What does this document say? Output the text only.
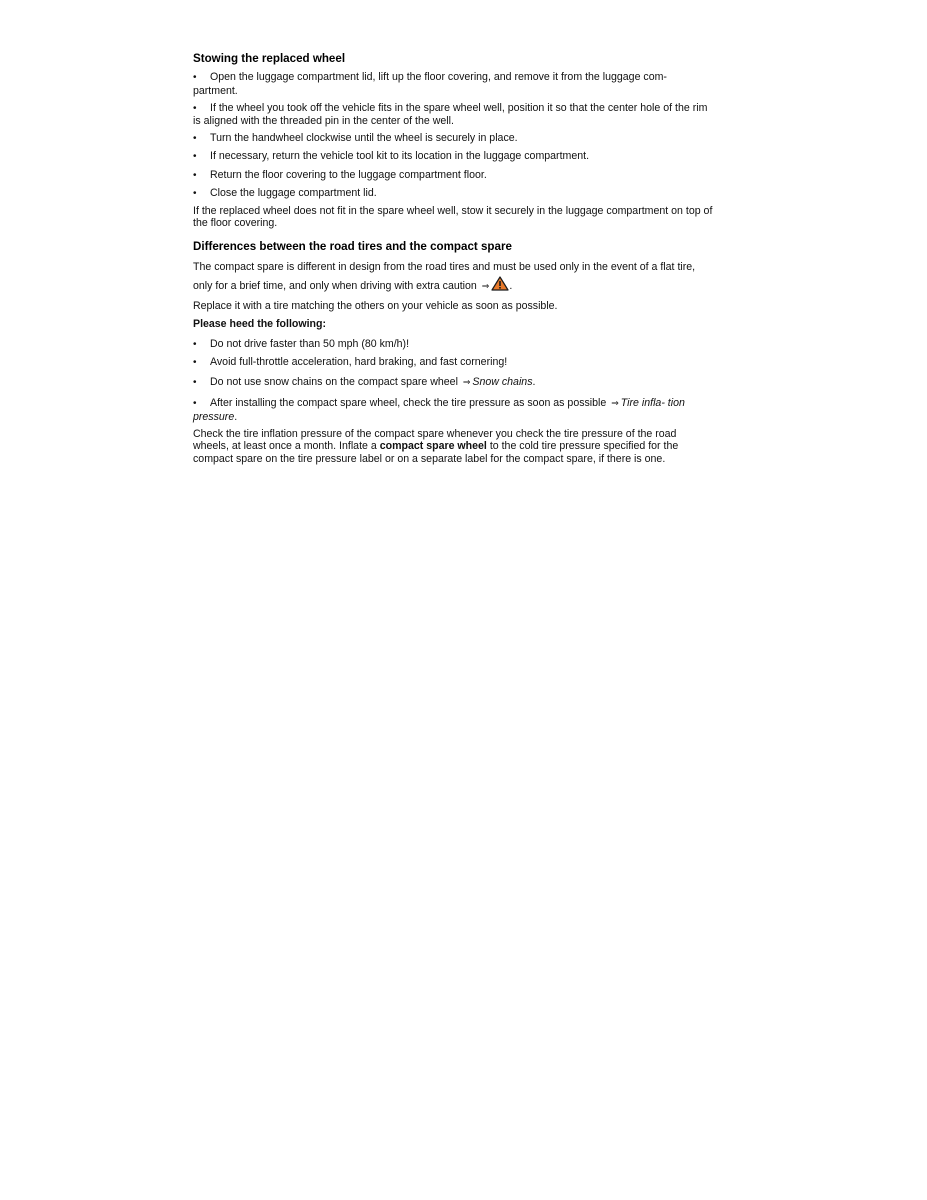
Stowing the replaced wheel
•Open the luggage compartment lid, lift up the floor covering, and remove it from the luggage com- partment.
•If the wheel you took off the vehicle fits in the spare wheel well, position it so that the center hole of the rim is aligned with the threaded pin in the center of the well.
•Turn the handwheel clockwise until the wheel is securely in place.
•If necessary, return the vehicle tool kit to its location in the luggage compartment.
•Return the floor covering to the luggage compartment floor.
•Close the luggage compartment lid.

If the replaced wheel does not fit in the spare wheel well, stow it securely in the luggage compartment on top of the floor covering.

Differences between the road tires and the compact spare

The compact spare is different in design from the road tires and must be used only in the event of a flat tire, only for a brief time, and only when driving with extra caution ⇒ .

Replace it with a tire matching the others on your vehicle as soon as possible.

Please heed the following:

•Do not drive faster than 50 mph (80 km/h)!
•Avoid full-throttle acceleration, hard braking, and fast cornering!
•Do not use snow chains on the compact spare wheel ⇒ Snow chains.
•After installing the compact spare wheel, check the tire pressure as soon as possible ⇒ Tire infla- tion pressure.

Check the tire inflation pressure of the compact spare whenever you check the tire pressure of the road wheels, at least once a month. Inflate a compact spare wheel to the cold tire pressure specified for the compact spare on the tire pressure label or on a separate label for the compact spare, if there is one.
